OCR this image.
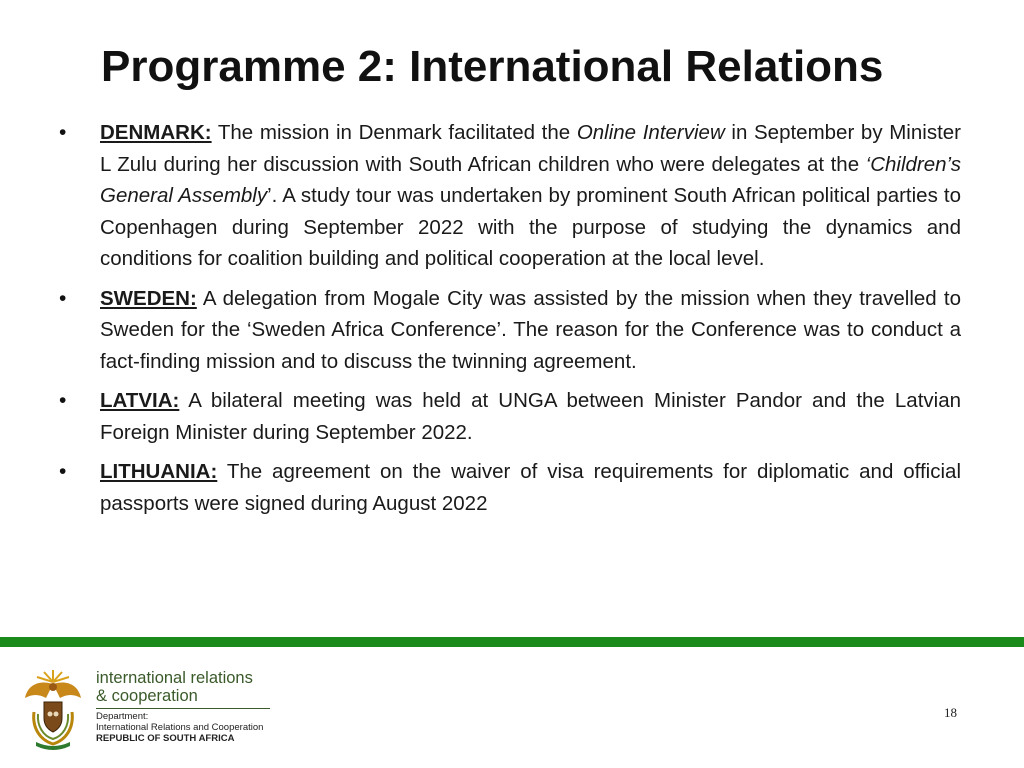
Programme 2: International Relations
• DENMARK: The mission in Denmark facilitated the Online Interview in September by Minister L Zulu during her discussion with South African children who were delegates at the ‘Children’s General Assembly’. A study tour was undertaken by prominent South African political parties to Copenhagen during September 2022 with the purpose of studying the dynamics and conditions for coalition building and political cooperation at the local level.
• SWEDEN: A delegation from Mogale City was assisted by the mission when they travelled to Sweden for the ‘Sweden Africa Conference’. The reason for the Conference was to conduct a fact-finding mission and to discuss the twinning agreement.
• LATVIA: A bilateral meeting was held at UNGA between Minister Pandor and the Latvian Foreign Minister during September 2022.
• LITHUANIA: The agreement on the waiver of visa requirements for diplomatic and official passports were signed during August 2022
international relations
& cooperation
Department:
International Relations and Cooperation
REPUBLIC OF SOUTH AFRICA
18
